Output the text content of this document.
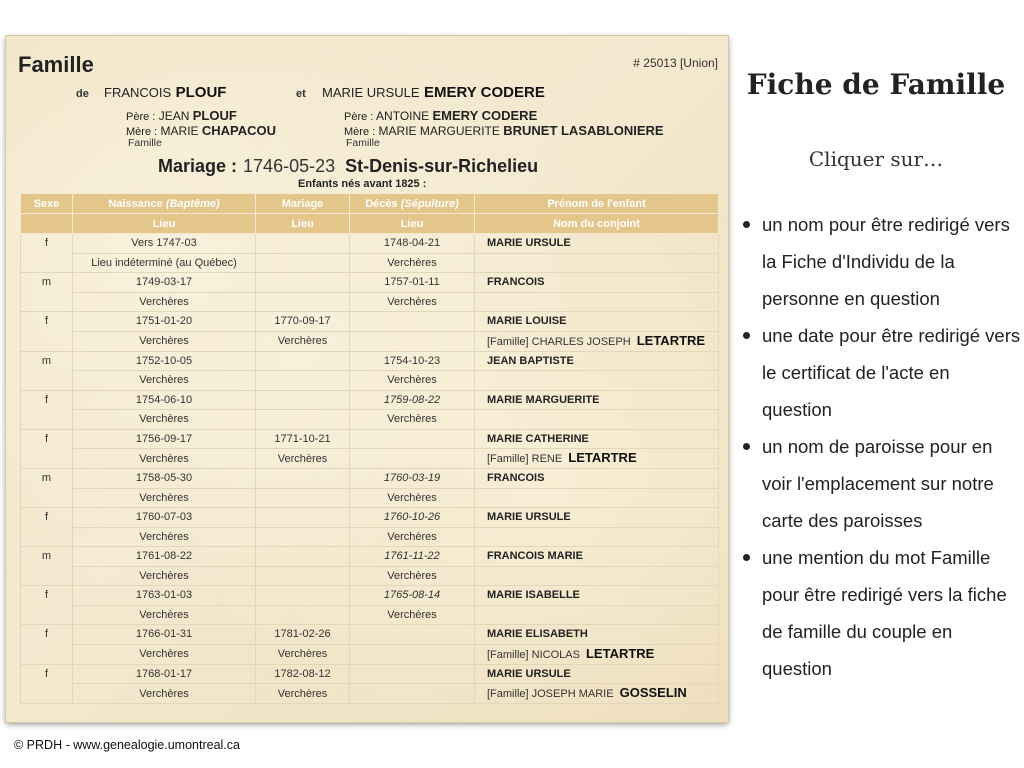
Famille	# 25013 [Union]
de FRANCOIS PLOUF	et MARIE URSULE EMERY CODERE
Père : JEAN PLOUF
Mère : MARIE CHAPACOU
Famille
Père : ANTOINE EMERY CODERE
Mère : MARIE MARGUERITE BRUNET LASABLONIERE
Famille
Mariage : 1746-05-23 St-Denis-sur-Richelieu
Enfants nés avant 1825 :
Sexe	Naissance (Baptême)	Mariage	Décès (Sépulture)	Prénom de l'enfant
	Lieu	Lieu	Lieu	Nom du conjoint
f	Vers 1747-03		1748-04-21	MARIE URSULE
	Lieu indéterminé (au Québec)		Verchères	
m	1749-03-17		1757-01-11	FRANCOIS
	Verchères		Verchères	
f	1751-01-20	1770-09-17		MARIE LOUISE
	Verchères	Verchères		[Famille] CHARLES JOSEPH LETARTRE
m	1752-10-05		1754-10-23	JEAN BAPTISTE
	Verchères		Verchères	
f	1754-06-10		1759-08-22	MARIE MARGUERITE
	Verchères		Verchères	
f	1756-09-17	1771-10-21		MARIE CATHERINE
	Verchères	Verchères		[Famille] RENE LETARTRE
m	1758-05-30		1760-03-19	FRANCOIS
	Verchères		Verchères	
f	1760-07-03		1760-10-26	MARIE URSULE
	Verchères		Verchères	
m	1761-08-22		1761-11-22	FRANCOIS MARIE
	Verchères		Verchères	
f	1763-01-03		1765-08-14	MARIE ISABELLE
	Verchères		Verchères	
f	1766-01-31	1781-02-26		MARIE ELISABETH
	Verchères	Verchères		[Famille] NICOLAS LETARTRE
f	1768-01-17	1782-08-12		MARIE URSULE
	Verchères	Verchères		[Famille] JOSEPH MARIE GOSSELIN
Fiche de Famille
Cliquer sur…
un nom pour être redirigé vers la Fiche d'Individu de la personne en question
une date pour être redirigé vers le certificat de l'acte en question
un nom de paroisse pour en voir l'emplacement sur notre carte des paroisses
une mention du mot Famille pour être redirigé vers la fiche de famille du couple en question
© PRDH - www.genealogie.umontreal.ca
